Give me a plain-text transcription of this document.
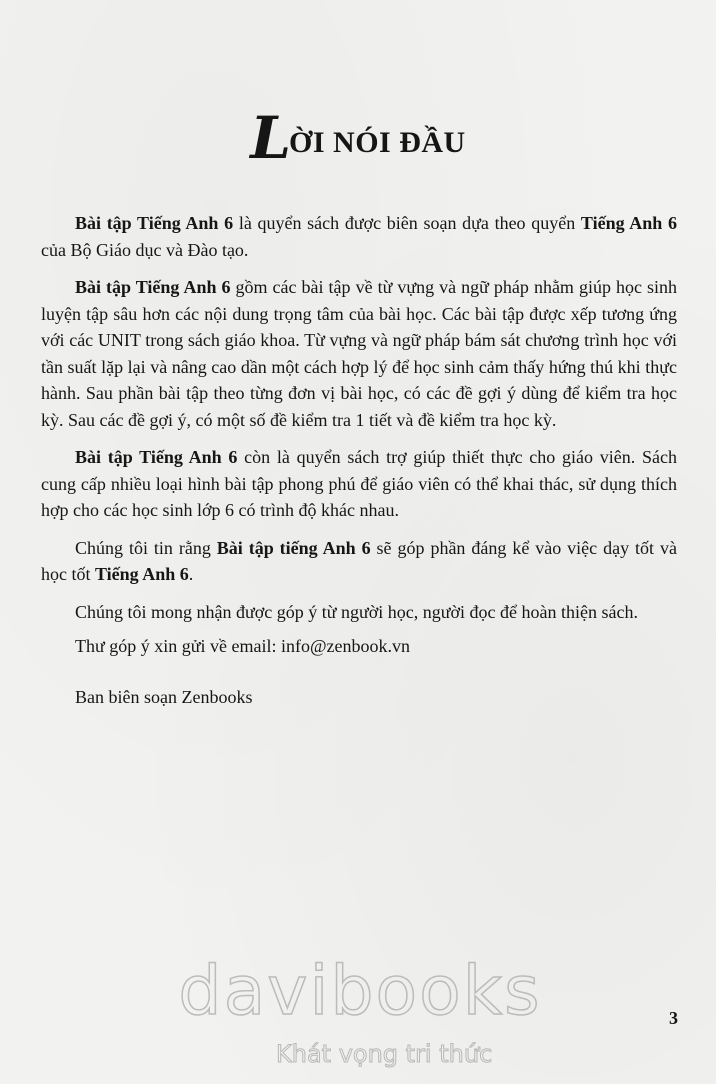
LỜI NÓI ĐẦU

Bài tập Tiếng Anh 6 là quyển sách được biên soạn dựa theo quyển Tiếng Anh 6 của Bộ Giáo dục và Đào tạo.

Bài tập Tiếng Anh 6 gồm các bài tập về từ vựng và ngữ pháp nhằm giúp học sinh luyện tập sâu hơn các nội dung trọng tâm của bài học. Các bài tập được xếp tương ứng với các UNIT trong sách giáo khoa. Từ vựng và ngữ pháp bám sát chương trình học với tần suất lặp lại và nâng cao dần một cách hợp lý để học sinh cảm thấy hứng thú khi thực hành. Sau phần bài tập theo từng đơn vị bài học, có các đề gợi ý dùng để kiểm tra học kỳ. Sau các đề gợi ý, có một số đề kiểm tra 1 tiết và đề kiểm tra học kỳ.

Bài tập Tiếng Anh 6 còn là quyển sách trợ giúp thiết thực cho giáo viên. Sách cung cấp nhiều loại hình bài tập phong phú để giáo viên có thể khai thác, sử dụng thích hợp cho các học sinh lớp 6 có trình độ khác nhau.

Chúng tôi tin rằng Bài tập tiếng Anh 6 sẽ góp phần đáng kể vào việc dạy tốt và học tốt Tiếng Anh 6.

Chúng tôi mong nhận được góp ý từ người học, người đọc để hoàn thiện sách.

Thư góp ý xin gửi về email: info@zenbook.vn

Ban biên soạn Zenbooks

davibooks
Khát vọng tri thức
3
